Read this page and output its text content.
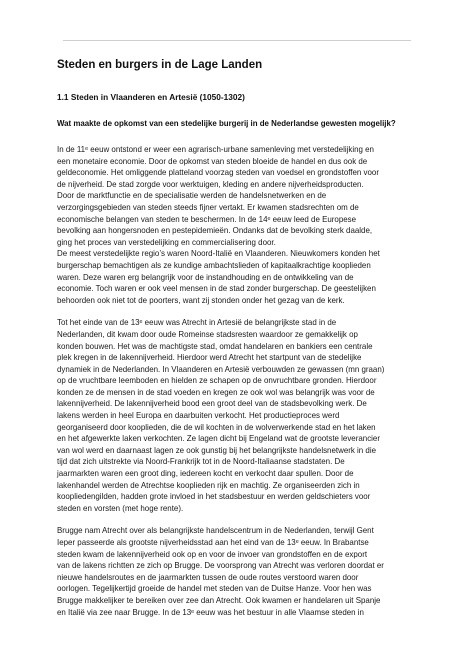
Steden en burgers in de Lage Landen
1.1 Steden in Vlaanderen en Artesië (1050-1302)

Wat maakte de opkomst van een stedelijke burgerij in de Nederlandse gewesten mogelijk?

In de 11ᵉ eeuw ontstond er weer een agrarisch-urbane samenleving met verstedelijking en
een monetaire economie. Door de opkomst van steden bloeide de handel en dus ook de
geldeconomie. Het omliggende platteland voorzag steden van voedsel en grondstoffen voor
de nijverheid. De stad zorgde voor werktuigen, kleding en andere nijverheidsproducten.
Door de marktfunctie en de specialisatie werden de handelsnetwerken en de
verzorgingsgebieden van steden steeds fijner vertakt. Er kwamen stadsrechten om de
economische belangen van steden te beschermen. In de 14ᵉ eeuw leed de Europese
bevolking aan hongersnoden en pestepidemieën. Ondanks dat de bevolking sterk daalde,
ging het proces van verstedelijking en commercialisering door.
De meest verstedelijkte regio’s waren Noord-Italië en Vlaanderen. Nieuwkomers konden het
burgerschap bemachtigen als ze kundige ambachtslieden of kapitaalkrachtige kooplieden
waren. Deze waren erg belangrijk voor de instandhouding en de ontwikkeling van de
economie. Toch waren er ook veel mensen in de stad zonder burgerschap. De geestelijken
behoorden ook niet tot de poorters, want zij stonden onder het gezag van de kerk.
Tot het einde van de 13ᵉ eeuw was Atrecht in Artesië de belangrijkste stad in de
Nederlanden, dit kwam door oude Romeinse stadsresten waardoor ze gemakkelijk op
konden bouwen. Het was de machtigste stad, omdat handelaren en bankiers een centrale
plek kregen in de lakennijverheid. Hierdoor werd Atrecht het startpunt van de stedelijke
dynamiek in de Nederlanden. In Vlaanderen en Artesië verbouwden ze gewassen (mn graan)
op de vruchtbare leemboden en hielden ze schapen op de onvruchtbare gronden. Hierdoor
konden ze de mensen in de stad voeden en kregen ze ook wol was belangrijk was voor de
lakennijverheid. De lakennijverheid bood een groot deel van de stadsbevolking werk. De
lakens werden in heel Europa en daarbuiten verkocht. Het productieproces werd
georganiseerd door kooplieden, die de wil kochten in de wolverwerkende stad en het laken
en het afgewerkte laken verkochten. Ze lagen dicht bij Engeland wat de grootste leverancier
van wol werd en daarnaast lagen ze ook gunstig bij het belangrijkste handelsnetwerk in die
tijd dat zich uitstrekte via Noord-Frankrijk tot in de Noord-Italiaanse stadstaten. De
jaarmarkten waren een groot ding, iedereen kocht en verkocht daar spullen. Door de
lakenhandel werden de Atrechtse kooplieden rijk en machtig. Ze organiseerden zich in
koopliedengilden, hadden grote invloed in het stadsbestuur en werden geldschieters voor
steden en vorsten (met hoge rente).
Brugge nam Atrecht over als belangrijkste handelscentrum in de Nederlanden, terwijl Gent
Ieper passeerde als grootste nijverheidsstad aan het eind van de 13ᵉ eeuw. In Brabantse
steden kwam de lakennijverheid ook op en voor de invoer van grondstoffen en de export
van de lakens richtten ze zich op Brugge. De voorsprong van Atrecht was verloren doordat er
nieuwe handelsroutes en de jaarmarkten tussen de oude routes verstoord waren door
oorlogen. Tegelijkertijd groeide de handel met steden van de Duitse Hanze. Voor hen was
Brugge makkelijker te bereiken over zee dan Atrecht. Ook kwamen er handelaren uit Spanje
en Italië via zee naar Brugge. In de 13ᵉ eeuw was het bestuur in alle Vlaamse steden in
